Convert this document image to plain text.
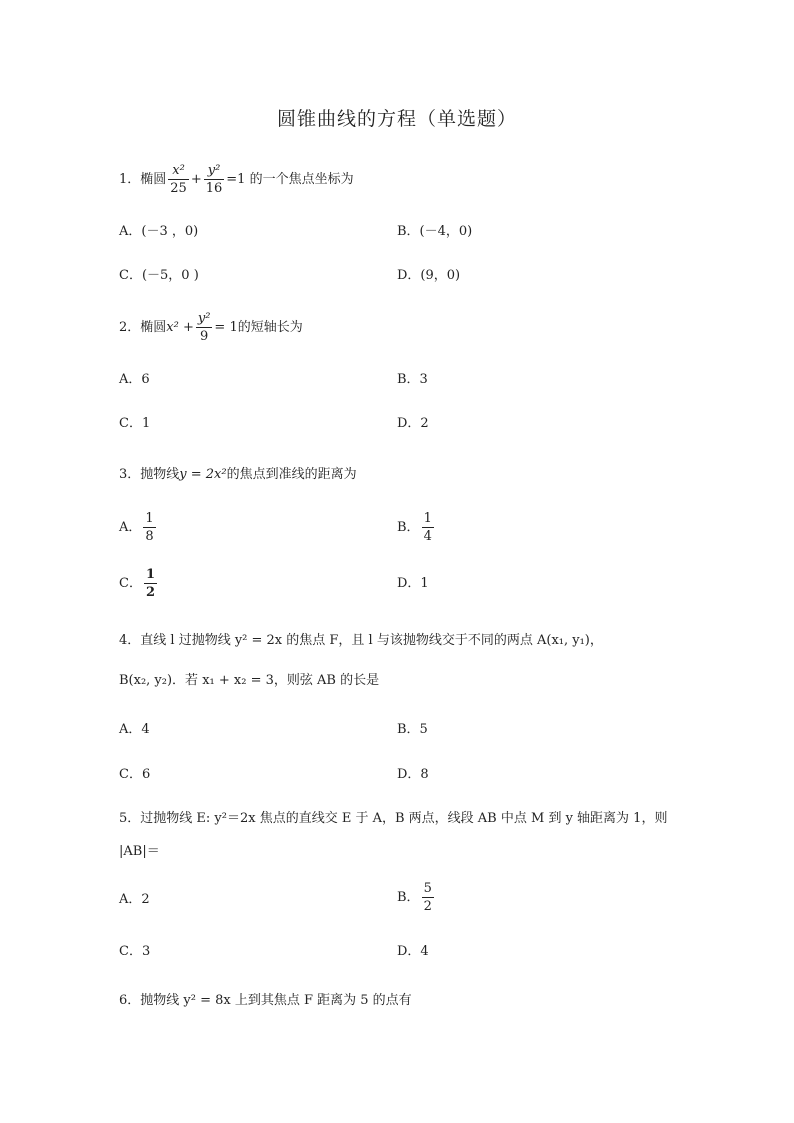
圆锥曲线的方程（单选题）
1．椭圆 $\frac{\text{x²}}{25} + \frac{\text{y²}}{16} =1$ 的一个焦点坐标为
A．(－3 ，0)	B．(－4，0)
C．(－5，0 )	D．(9，0)
2．椭圆$x^2 + \frac{\text{y²}}{9} = 1$的短轴长为
A．6	B．3
C．1	D．2
3．抛物线y = 2x²的焦点到准线的距离为
A． $\frac{1}{8}$	B． $\frac{1}{4}$
C． $\frac{1}{2}$	D．1
4．直线 l 过抛物线 y² = 2x 的焦点 F，且 l 与该抛物线交于不同的两点 A(x₁, y₁)，
B(x₂, y₂)．若 x₁ + x₂ = 3，则弦 AB 的长是
A．4	B．5
C．6	D．8
5．过抛物线 E: y²＝2x 焦点的直线交 E 于 A，B 两点，线段 AB 中点 M 到 y 轴距离为 1，则
|AB|＝
A．2	B． $\frac{5}{2}$
C．3	D．4
6．抛物线 y² = 8x 上到其焦点 F 距离为 5 的点有
